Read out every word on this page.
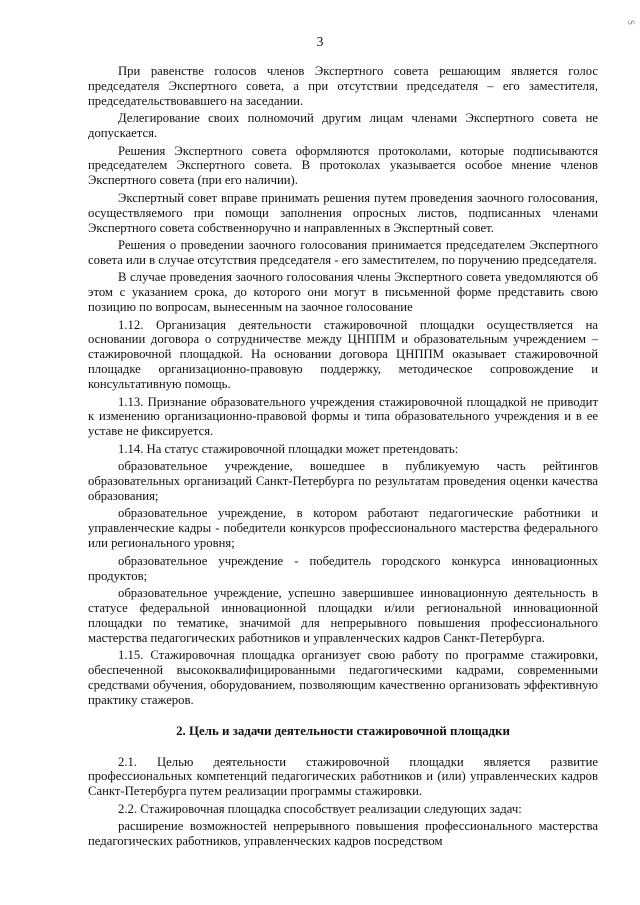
3
S

При равенстве голосов членов Экспертного совета решающим является голос председателя Экспертного совета, а при отсутствии председателя – его заместителя, председательствовавшего на заседании.

Делегирование своих полномочий другим лицам членами Экспертного совета не допускается.

Решения Экспертного совета оформляются протоколами, которые подписываются председателем Экспертного совета. В протоколах указывается особое мнение членов Экспертного совета (при его наличии).

Экспертный совет вправе принимать решения путем проведения заочного голосования, осуществляемого при помощи заполнения опросных листов, подписанных членами Экспертного совета собственноручно и направленных в Экспертный совет.

Решения о проведении заочного голосования принимается председателем Экспертного совета или в случае отсутствия председателя - его заместителем, по поручению председателя.

В случае проведения заочного голосования члены Экспертного совета уведомляются об этом с указанием срока, до которого они могут в письменной форме представить свою позицию по вопросам, вынесенным на заочное голосование

1.12. Организация деятельности стажировочной площадки осуществляется на основании договора о сотрудничестве между ЦНППМ и образовательным учреждением – стажировочной площадкой. На основании договора ЦНППМ оказывает стажировочной площадке организационно-правовую поддержку, методическое сопровождение и консультативную помощь.

1.13. Признание образовательного учреждения стажировочной площадкой не приводит к изменению организационно-правовой формы и типа образовательного учреждения и в ее уставе не фиксируется.

1.14. На статус стажировочной площадки может претендовать:

образовательное учреждение, вошедшее в публикуемую часть рейтингов образовательных организаций Санкт-Петербурга по результатам проведения оценки качества образования;

образовательное учреждение, в котором работают педагогические работники и управленческие кадры - победители конкурсов профессионального мастерства федерального или регионального уровня;

образовательное учреждение - победитель городского конкурса инновационных продуктов;

образовательное учреждение, успешно завершившее инновационную деятельность в статусе федеральной инновационной площадки и/или региональной инновационной площадки по тематике, значимой для непрерывного повышения профессионального мастерства педагогических работников и управленческих кадров Санкт-Петербурга.

1.15. Стажировочная площадка организует свою работу по программе стажировки, обеспеченной высококвалифицированными педагогическими кадрами, современными средствами обучения, оборудованием, позволяющим качественно организовать эффективную практику стажеров.

2. Цель и задачи деятельности стажировочной площадки

2.1. Целью деятельности стажировочной площадки является развитие профессиональных компетенций педагогических работников и (или) управленческих кадров Санкт-Петербурга путем реализации программы стажировки.

2.2. Стажировочная площадка способствует реализации следующих задач:

расширение возможностей непрерывного повышения профессионального мастерства педагогических работников, управленческих кадров посредством
